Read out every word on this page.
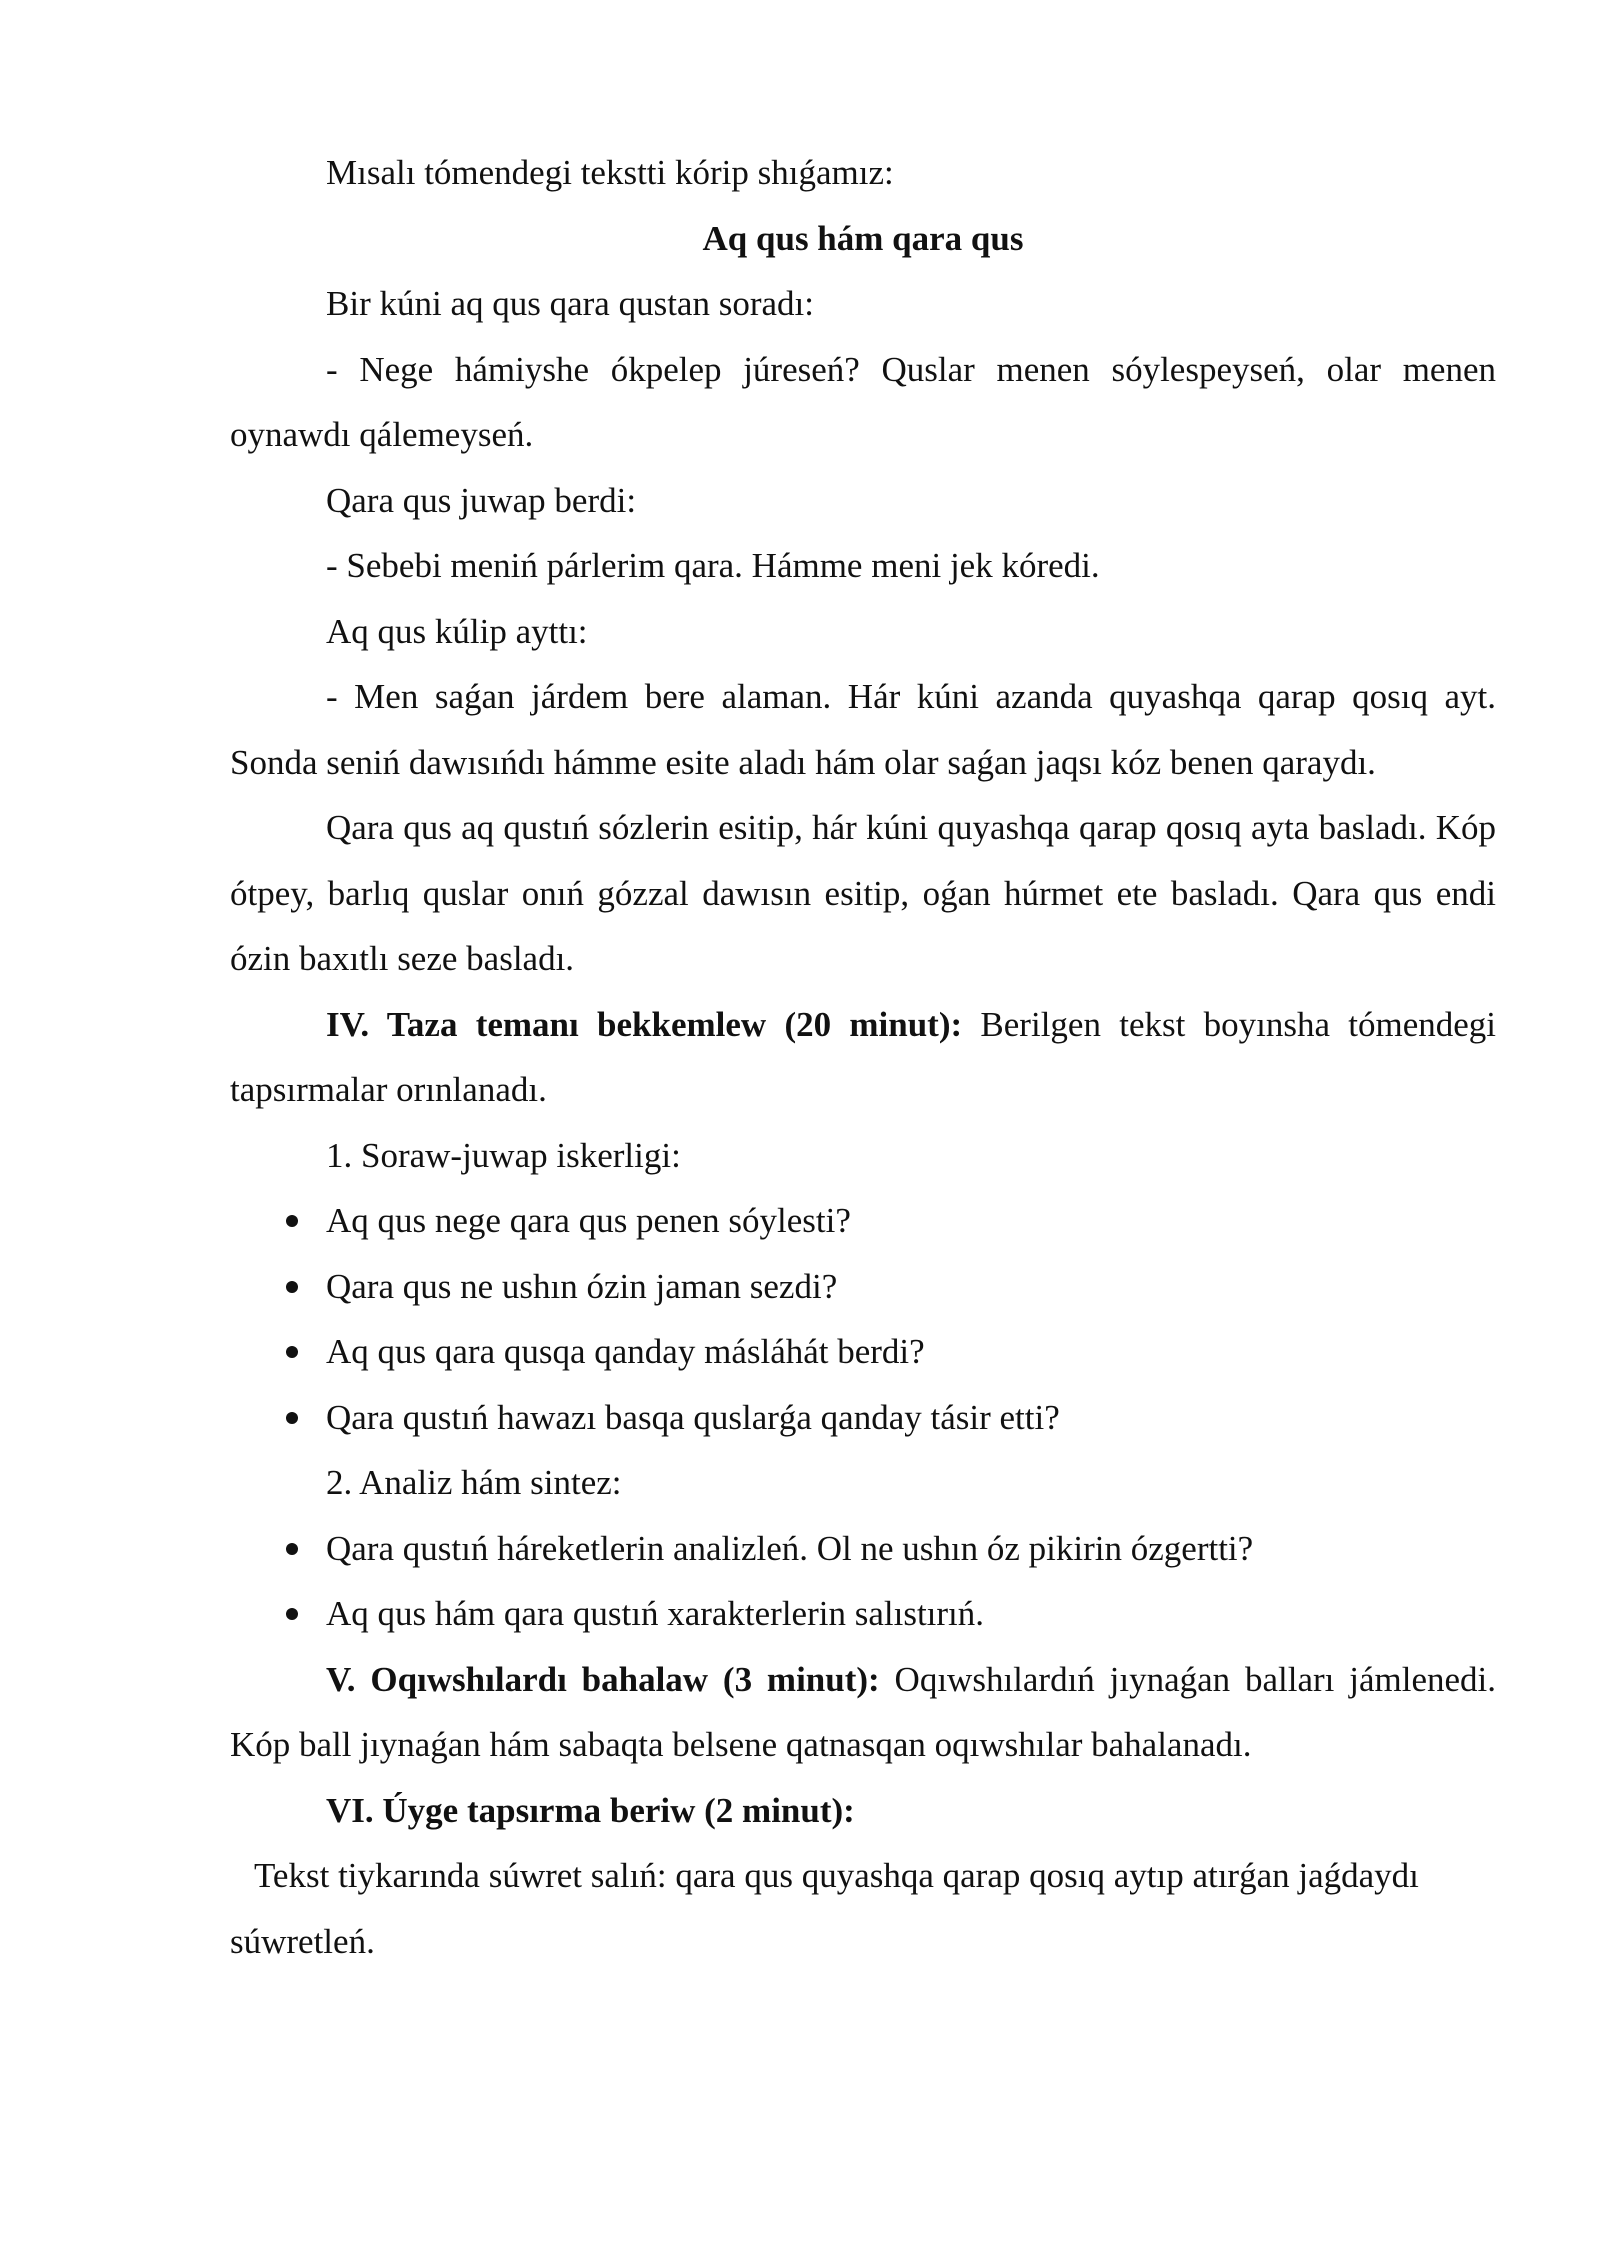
Mısalı tómendegi tekstti kórip shıǵamız:

Aq qus hám qara qus

Bir kúni aq qus qara qustan soradı:

- Nege hámiyshe ókpelep júreseń? Quslar menen sóylespeyseń, olar menen oynawdı qálemeyseń.

Qara qus juwap berdi:

- Sebebi meniń párlerim qara. Hámme meni jek kóredi.

Aq qus kúlip ayttı:

- Men saǵan járdem bere alaman. Hár kúni azanda quyashqa qarap qosıq ayt. Sonda seniń dawısıńdı hámme esite aladı hám olar saǵan jaqsı kóz benen qaraydı.

Qara qus aq qustıń sózlerin esitip, hár kúni quyashqa qarap qosıq ayta basladı. Kóp ótpey, barlıq quslar onıń gózzal dawısın esitip, oǵan húrmet ete basladı. Qara qus endi ózin baxıtlı seze basladı.

IV. Taza temanı bekkemlew (20 minut): Berilgen tekst boyınsha tómendegi tapsırmalar orınlanadı.

1. Soraw-juwap iskerligi:

Aq qus nege qara qus penen sóylesti?
Qara qus ne ushın ózin jaman sezdi?
Aq qus qara qusqa qanday másláhát berdi?
Qara qustıń hawazı basqa quslarǵa qanday tásir etti?

2. Analiz hám sintez:

Qara qustıń háreketlerin analizleń. Ol ne ushın óz pikirin ózgertti?
Aq qus hám qara qustıń xarakterlerin salıstırıń.

V. Oqıwshılardı bahalaw (3 minut): Oqıwshılardıń jıynaǵan balları jámlenedi. Kóp ball jıynaǵan hám sabaqta belsene qatnasqan oqıwshılar bahalanadı.

VI. Úyge tapsırma beriw (2 minut):

Tekst tiykarında súwret salıń: qara qus quyashqa qarap qosıq aytıp atırǵan jaǵdaydı súwretleń.
